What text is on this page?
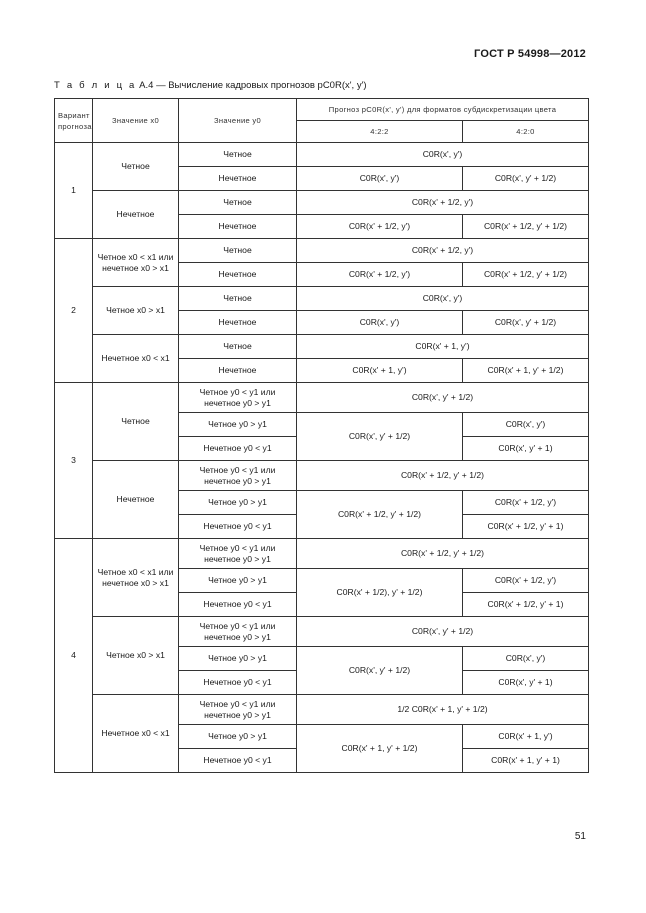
ГОСТ Р 54998—2012
Т а б л и ц а А.4 — Вычисление кадровых прогнозов pC0R(x', y')
Вариант прогноза	Значение x0	Значение y0	Прогноз pC0R(x', y') для форматов субдискретизации цвета	
			4:2:2	4:2:0
1	Четное	Четное	C0R(x', y')	
		Нечетное	C0R(x', y')	C0R(x', y' + 1/2)
	Нечетное	Четное	C0R(x' + 1/2, y')	
		Нечетное	C0R(x' + 1/2, y')	C0R(x' + 1/2, y' + 1/2)
2	Четное x0 < x1 или нечетное x0 > x1	Четное	C0R(x' + 1/2, y')	
		Нечетное	C0R(x' + 1/2, y')	C0R(x' + 1/2, y' + 1/2)
	Четное x0 > x1	Четное	C0R(x', y')	
		Нечетное	C0R(x', y')	C0R(x', y' + 1/2)
	Нечетное x0 < x1	Четное	C0R(x' + 1, y')	
		Нечетное	C0R(x' + 1, y')	C0R(x' + 1, y' + 1/2)
3	Четное	Четное y0 < y1 или нечетное y0 > y1	C0R(x', y' + 1/2)	
		Четное y0 > y1	C0R(x', y' + 1/2)	C0R(x', y')
		Нечетное y0 < y1		C0R(x', y' + 1)
	Нечетное	Четное y0 < y1 или нечетное y0 > y1	C0R(x' + 1/2, y' + 1/2)	
		Четное y0 > y1	C0R(x' + 1/2, y' + 1/2)	C0R(x' + 1/2, y')
		Нечетное y0 < y1		C0R(x' + 1/2, y' + 1)
4	Четное x0 < x1 или нечетное x0 > x1	Четное y0 < y1 или нечетное y0 > y1	C0R(x' + 1/2, y' + 1/2)	
		Четное y0 > y1	C0R(x' + 1/2), y' + 1/2)	C0R(x' + 1/2, y')
		Нечетное y0 < y1		C0R(x' + 1/2, y' + 1)
	Четное x0 > x1	Четное y0 < y1 или нечетное y0 > y1	C0R(x', y' + 1/2)	
		Четное y0 > y1	C0R(x', y' + 1/2)	C0R(x', y')
		Нечетное y0 < y1		C0R(x', y' + 1)
	Нечетное x0 < x1	Четное y0 < y1 или нечетное y0 > y1	1/2 C0R(x' + 1, y' + 1/2)	
		Четное y0 > y1	C0R(x' + 1, y' + 1/2)	C0R(x' + 1, y')
		Нечетное y0 < y1		C0R(x' + 1, y' + 1)
51
